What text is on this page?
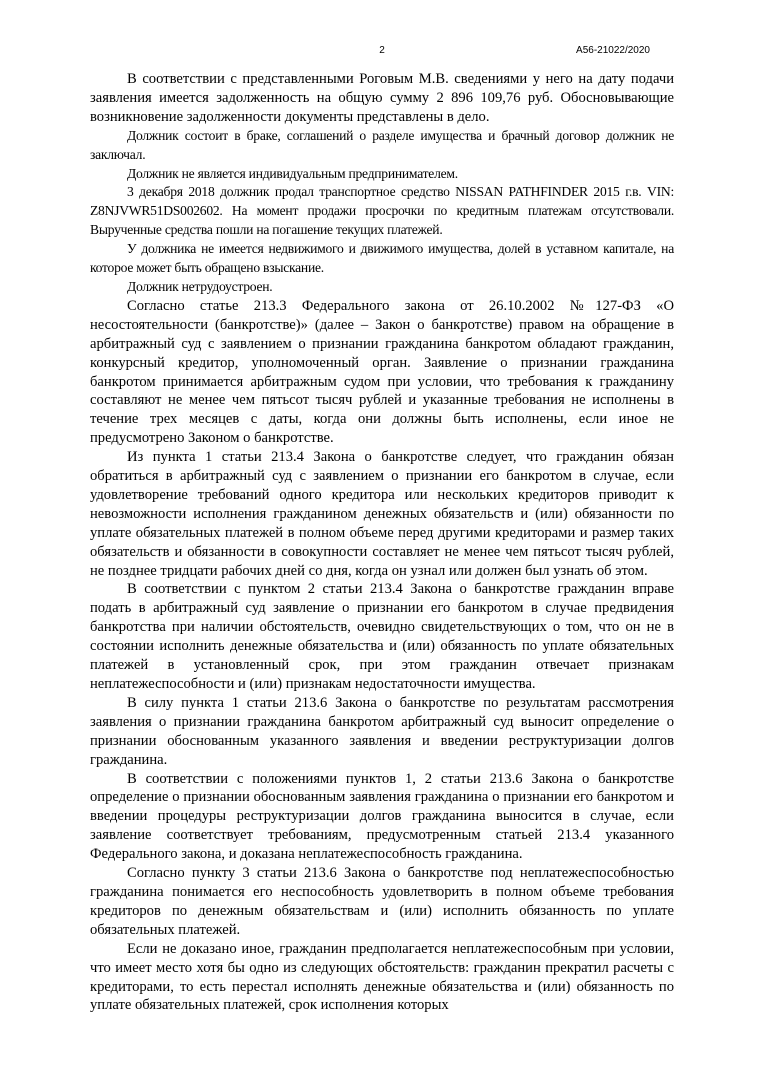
2	А56-21022/2020

В соответствии с представленными Роговым М.В. сведениями у него на дату подачи заявления имеется задолженность на общую сумму 2 896 109,76 руб. Обосновывающие возникновение задолженности документы представлены в дело.

Должник состоит в браке, соглашений о разделе имущества и брачный договор должник не заключал.

Должник не является индивидуальным предпринимателем.

3 декабря 2018 должник продал транспортное средство NISSAN PATHFINDER 2015 г.в. VIN: Z8NJVWR51DS002602. На момент продажи просрочки по кредитным платежам отсутствовали. Вырученные средства пошли на погашение текущих платежей.

У должника не имеется недвижимого и движимого имущества, долей в уставном капитале, на которое может быть обращено взыскание.

Должник нетрудоустроен.

Согласно статье 213.3 Федерального закона от 26.10.2002 №127-ФЗ «О несостоятельности (банкротстве)» (далее – Закон о банкротстве) правом на обращение в арбитражный суд с заявлением о признании гражданина банкротом обладают гражданин, конкурсный кредитор, уполномоченный орган. Заявление о признании гражданина банкротом принимается арбитражным судом при условии, что требования к гражданину составляют не менее чем пятьсот тысяч рублей и указанные требования не исполнены в течение трех месяцев с даты, когда они должны быть исполнены, если иное не предусмотрено Законом о банкротстве.

Из пункта 1 статьи 213.4 Закона о банкротстве следует, что гражданин обязан обратиться в арбитражный суд с заявлением о признании его банкротом в случае, если удовлетворение требований одного кредитора или нескольких кредиторов приводит к невозможности исполнения гражданином денежных обязательств и (или) обязанности по уплате обязательных платежей в полном объеме перед другими кредиторами и размер таких обязательств и обязанности в совокупности составляет не менее чем пятьсот тысяч рублей, не позднее тридцати рабочих дней со дня, когда он узнал или должен был узнать об этом.

В соответствии с пунктом 2 статьи 213.4 Закона о банкротстве гражданин вправе подать в арбитражный суд заявление о признании его банкротом в случае предвидения банкротства при наличии обстоятельств, очевидно свидетельствующих о том, что он не в состоянии исполнить денежные обязательства и (или) обязанность по уплате обязательных платежей в установленный срок, при этом гражданин отвечает признакам неплатежеспособности и (или) признакам недостаточности имущества.

В силу пункта 1 статьи 213.6 Закона о банкротстве по результатам рассмотрения заявления о признании гражданина банкротом арбитражный суд выносит определение о признании обоснованным указанного заявления и введении реструктуризации долгов гражданина.

В соответствии с положениями пунктов 1, 2 статьи 213.6 Закона о банкротстве определение о признании обоснованным заявления гражданина о признании его банкротом и введении процедуры реструктуризации долгов гражданина выносится в случае, если заявление соответствует требованиям, предусмотренным статьей 213.4 указанного Федерального закона, и доказана неплатежеспособность гражданина.

Согласно пункту 3 статьи 213.6 Закона о банкротстве под неплатежеспособностью гражданина понимается его неспособность удовлетворить в полном объеме требования кредиторов по денежным обязательствам и (или) исполнить обязанность по уплате обязательных платежей.

Если не доказано иное, гражданин предполагается неплатежеспособным при условии, что имеет место хотя бы одно из следующих обстоятельств: гражданин прекратил расчеты с кредиторами, то есть перестал исполнять денежные обязательства и (или) обязанность по уплате обязательных платежей, срок исполнения которых
